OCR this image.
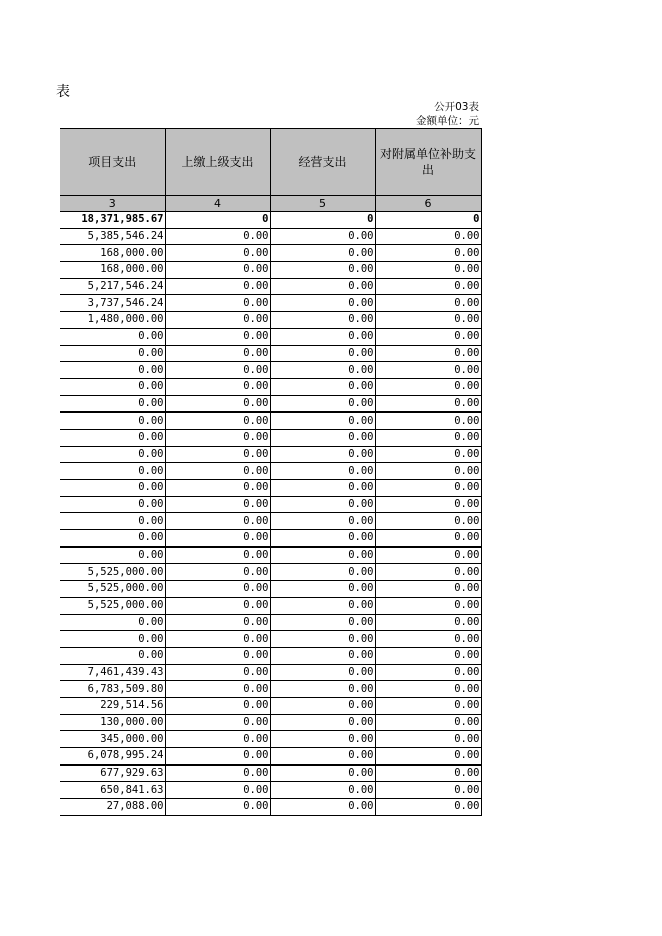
表
公开03表
金额单位：元
项目支出	上缴上级支出	经营支出	对附属单位补助支出
3	4	5	6
18,371,985.67	0	0	0
5,385,546.24	0.00	0.00	0.00
168,000.00	0.00	0.00	0.00
168,000.00	0.00	0.00	0.00
5,217,546.24	0.00	0.00	0.00
3,737,546.24	0.00	0.00	0.00
1,480,000.00	0.00	0.00	0.00
0.00	0.00	0.00	0.00
0.00	0.00	0.00	0.00
0.00	0.00	0.00	0.00
0.00	0.00	0.00	0.00
0.00	0.00	0.00	0.00
0.00	0.00	0.00	0.00
0.00	0.00	0.00	0.00
0.00	0.00	0.00	0.00
0.00	0.00	0.00	0.00
0.00	0.00	0.00	0.00
0.00	0.00	0.00	0.00
0.00	0.00	0.00	0.00
0.00	0.00	0.00	0.00
0.00	0.00	0.00	0.00
5,525,000.00	0.00	0.00	0.00
5,525,000.00	0.00	0.00	0.00
5,525,000.00	0.00	0.00	0.00
0.00	0.00	0.00	0.00
0.00	0.00	0.00	0.00
0.00	0.00	0.00	0.00
7,461,439.43	0.00	0.00	0.00
6,783,509.80	0.00	0.00	0.00
229,514.56	0.00	0.00	0.00
130,000.00	0.00	0.00	0.00
345,000.00	0.00	0.00	0.00
6,078,995.24	0.00	0.00	0.00
677,929.63	0.00	0.00	0.00
650,841.63	0.00	0.00	0.00
27,088.00	0.00	0.00	0.00
